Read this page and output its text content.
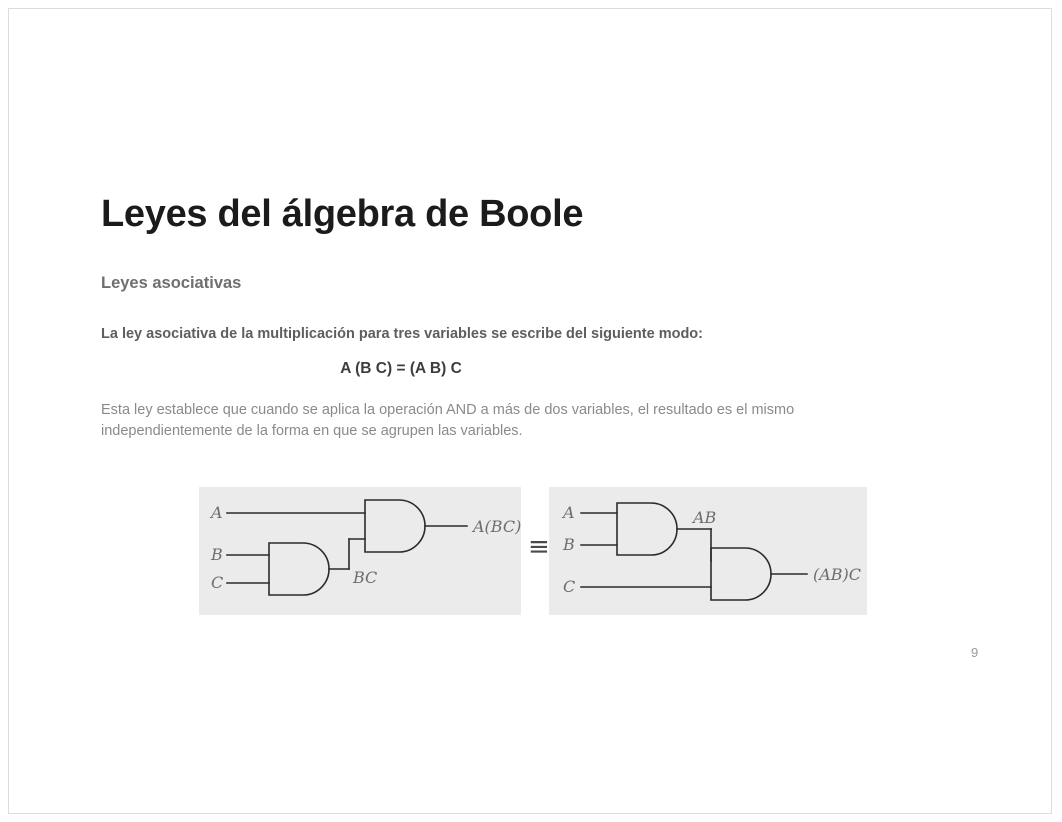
Leyes del álgebra de Boole
Leyes asociativas
La ley asociativa de la multiplicación para tres variables se escribe del siguiente modo:
A (B C) = (A B) C
Esta ley establece que cuando se aplica la operación AND a más de dos variables, el resultado es el mismo independientemente de la forma en que se agrupen las variables.
A
B
C	BC
A(BC)
A
B
C
AB
(AB)C
≡
9
